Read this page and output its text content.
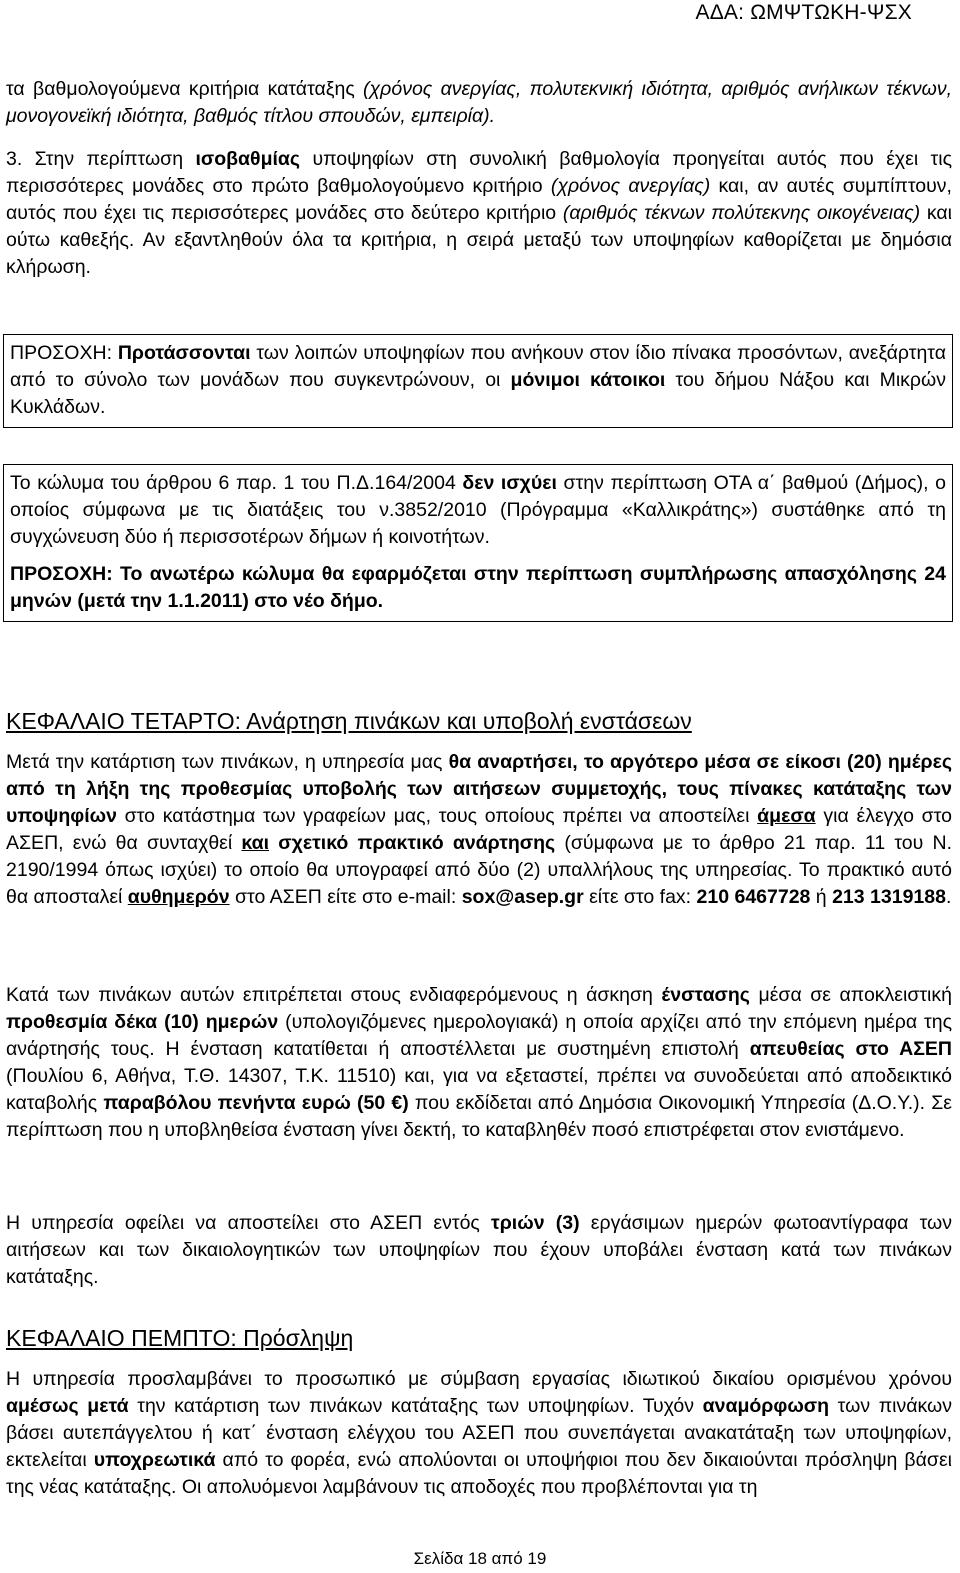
ΑΔΑ: ΩΜΨΤΩΚΗ-ΨΣΧ

τα βαθμολογούμενα κριτήρια κατάταξης (χρόνος ανεργίας, πολυτεκνική ιδιότητα, αριθμός ανήλικων τέκνων, μονογονεϊκή ιδιότητα, βαθμός τίτλου σπουδών, εμπειρία).

3. Στην περίπτωση ισοβαθμίας υποψηφίων στη συνολική βαθμολογία προηγείται αυτός που έχει τις περισσότερες μονάδες στο πρώτο βαθμολογούμενο κριτήριο (χρόνος ανεργίας) και, αν αυτές συμπίπτουν, αυτός που έχει τις περισσότερες μονάδες στο δεύτερο κριτήριο (αριθμός τέκνων πολύτεκνης οικογένειας) και ούτω καθεξής. Αν εξαντληθούν όλα τα κριτήρια, η σειρά μεταξύ των υποψηφίων καθορίζεται με δημόσια κλήρωση.

ΠΡΟΣΟΧΗ: Προτάσσονται των λοιπών υποψηφίων που ανήκουν στον ίδιο πίνακα προσόντων, ανεξάρτητα από το σύνολο των μονάδων που συγκεντρώνουν, οι μόνιμοι κάτοικοι του δήμου Νάξου και Μικρών Κυκλάδων.

Το κώλυμα του άρθρου 6 παρ. 1 του Π.Δ.164/2004 δεν ισχύει στην περίπτωση ΟΤΑ α΄ βαθμού (Δήμος), ο οποίος σύμφωνα με τις διατάξεις του ν.3852/2010 (Πρόγραμμα «Καλλικράτης») συστάθηκε από τη συγχώνευση δύο ή περισσοτέρων δήμων ή κοινοτήτων.

ΠΡΟΣΟΧΗ: Το ανωτέρω κώλυμα θα εφαρμόζεται στην περίπτωση συμπλήρωσης απασχόλησης 24 μηνών (μετά την 1.1.2011) στο νέο δήμο.

ΚΕΦΑΛΑΙΟ ΤΕΤΑΡΤΟ: Ανάρτηση πινάκων και υποβολή ενστάσεων

Μετά την κατάρτιση των πινάκων, η υπηρεσία μας θα αναρτήσει, το αργότερο μέσα σε είκοσι (20) ημέρες από τη λήξη της προθεσμίας υποβολής των αιτήσεων συμμετοχής, τους πίνακες κατάταξης των υποψηφίων στο κατάστημα των γραφείων μας, τους οποίους πρέπει να αποστείλει άμεσα για έλεγχο στο ΑΣΕΠ, ενώ θα συνταχθεί και σχετικό πρακτικό ανάρτησης (σύμφωνα με το άρθρο 21 παρ. 11 του Ν. 2190/1994 όπως ισχύει) το οποίο θα υπογραφεί από δύο (2) υπαλλήλους της υπηρεσίας. Το πρακτικό αυτό θα αποσταλεί αυθημερόν στο ΑΣΕΠ είτε στο e-mail: sox@asep.gr είτε στο fax: 210 6467728 ή 213 1319188.

Κατά των πινάκων αυτών επιτρέπεται στους ενδιαφερόμενους η άσκηση ένστασης μέσα σε αποκλειστική προθεσμία δέκα (10) ημερών (υπολογιζόμενες ημερολογιακά) η οποία αρχίζει από την επόμενη ημέρα της ανάρτησής τους. Η ένσταση κατατίθεται ή αποστέλλεται με συστημένη επιστολή απευθείας στο ΑΣΕΠ (Πουλίου 6, Αθήνα, Τ.Θ. 14307, Τ.Κ. 11510) και, για να εξεταστεί, πρέπει να συνοδεύεται από αποδεικτικό καταβολής παραβόλου πενήντα ευρώ (50 €) που εκδίδεται από Δημόσια Οικονομική Υπηρεσία (Δ.Ο.Υ.). Σε περίπτωση που η υποβληθείσα ένσταση γίνει δεκτή, το καταβληθέν ποσό επιστρέφεται στον ενιστάμενο.

Η υπηρεσία οφείλει να αποστείλει στο ΑΣΕΠ εντός τριών (3) εργάσιμων ημερών φωτοαντίγραφα των αιτήσεων και των δικαιολογητικών των υποψηφίων που έχουν υποβάλει ένσταση κατά των πινάκων κατάταξης.

ΚΕΦΑΛΑΙΟ ΠΕΜΠΤΟ: Πρόσληψη

Η υπηρεσία προσλαμβάνει το προσωπικό με σύμβαση εργασίας ιδιωτικού δικαίου ορισμένου χρόνου αμέσως μετά την κατάρτιση των πινάκων κατάταξης των υποψηφίων. Τυχόν αναμόρφωση των πινάκων βάσει αυτεπάγγελτου ή κατ΄ ένσταση ελέγχου του ΑΣΕΠ που συνεπάγεται ανακατάταξη των υποψηφίων, εκτελείται υποχρεωτικά από το φορέα, ενώ απολύονται οι υποψήφιοι που δεν δικαιούνται πρόσληψη βάσει της νέας κατάταξης. Οι απολυόμενοι λαμβάνουν τις αποδοχές που προβλέπονται για τη

Σελίδα 18 από 19
